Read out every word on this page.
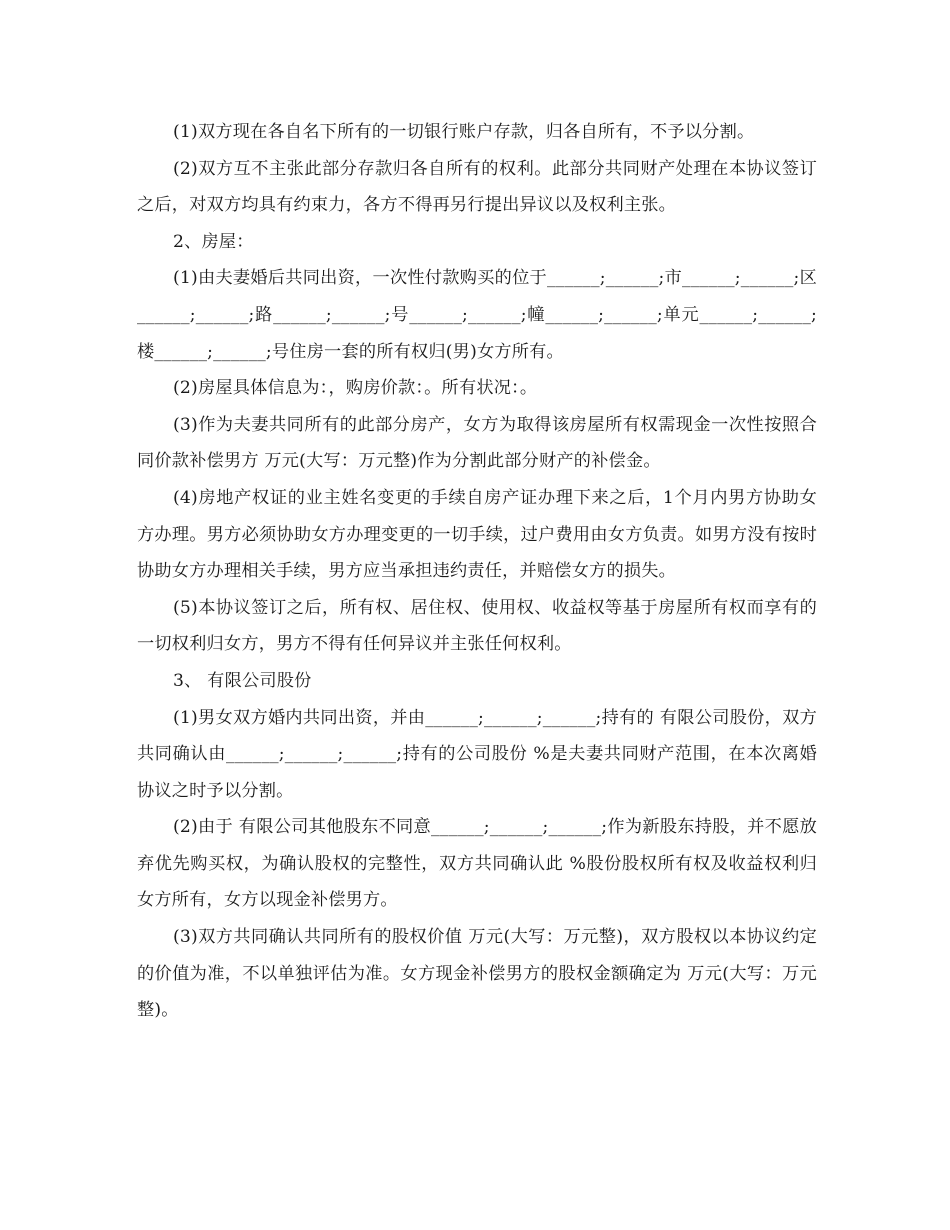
(1)双方现在各自名下所有的一切银行账户存款，归各自所有，不予以分割。

(2)双方互不主张此部分存款归各自所有的权利。此部分共同财产处理在本协议签订之后，对双方均具有约束力，各方不得再另行提出异议以及权利主张。

2、房屋：

(1)由夫妻婚后共同出资，一次性付款购买的位于______;______;市______;______;区______;______;路______;______;号______;______;幢______;______;单元______;______;楼______;______;号住房一套的所有权归(男)女方所有。

(2)房屋具体信息为：，购房价款：。所有状况：。

(3)作为夫妻共同所有的此部分房产，女方为取得该房屋所有权需现金一次性按照合同价款补偿男方 万元(大写：万元整)作为分割此部分财产的补偿金。

(4)房地产权证的业主姓名变更的手续自房产证办理下来之后，1个月内男方协助女方办理。男方必须协助女方办理变更的一切手续，过户费用由女方负责。如男方没有按时协助女方办理相关手续，男方应当承担违约责任，并赔偿女方的损失。

(5)本协议签订之后，所有权、居住权、使用权、收益权等基于房屋所有权而享有的一切权利归女方，男方不得有任何异议并主张任何权利。

3、 有限公司股份

(1)男女双方婚内共同出资，并由______;______;______;持有的 有限公司股份，双方共同确认由______;______;______;持有的公司股份 %是夫妻共同财产范围，在本次离婚协议之时予以分割。

(2)由于 有限公司其他股东不同意______;______;______;作为新股东持股，并不愿放弃优先购买权，为确认股权的完整性，双方共同确认此 %股份股权所有权及收益权利归女方所有，女方以现金补偿男方。

(3)双方共同确认共同所有的股权价值 万元(大写：万元整)，双方股权以本协议约定的价值为准，不以单独评估为准。女方现金补偿男方的股权金额确定为 万元(大写：万元整)。
